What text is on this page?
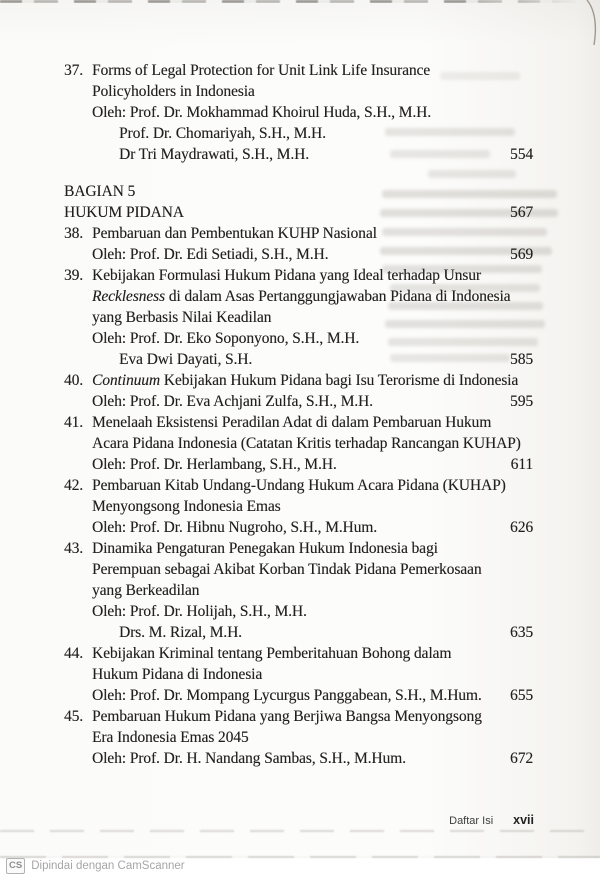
37. Forms of Legal Protection for Unit Link Life Insurance
Policyholders in Indonesia
Oleh: Prof. Dr. Mokhammad Khoirul Huda, S.H., M.H.
Prof. Dr. Chomariyah, S.H., M.H.
Dr Tri Maydrawati, S.H., M.H.	554
BAGIAN 5
HUKUM PIDANA	567
38. Pembaruan dan Pembentukan KUHP Nasional
Oleh: Prof. Dr. Edi Setiadi, S.H., M.H.	569
39. Kebijakan Formulasi Hukum Pidana yang Ideal terhadap Unsur
Recklesness di dalam Asas Pertanggungjawaban Pidana di Indonesia
yang Berbasis Nilai Keadilan
Oleh: Prof. Dr. Eko Soponyono, S.H., M.H.
Eva Dwi Dayati, S.H.	585
40. Continuum Kebijakan Hukum Pidana bagi Isu Terorisme di Indonesia
Oleh: Prof. Dr. Eva Achjani Zulfa, S.H., M.H.	595
41. Menelaah Eksistensi Peradilan Adat di dalam Pembaruan Hukum
Acara Pidana Indonesia (Catatan Kritis terhadap Rancangan KUHAP)
Oleh: Prof. Dr. Herlambang, S.H., M.H.	611
42. Pembaruan Kitab Undang-Undang Hukum Acara Pidana (KUHAP)
Menyongsong Indonesia Emas
Oleh: Prof. Dr. Hibnu Nugroho, S.H., M.Hum.	626
43. Dinamika Pengaturan Penegakan Hukum Indonesia bagi
Perempuan sebagai Akibat Korban Tindak Pidana Pemerkosaan
yang Berkeadilan
Oleh: Prof. Dr. Holijah, S.H., M.H.
Drs. M. Rizal, M.H.	635
44. Kebijakan Kriminal tentang Pemberitahuan Bohong dalam
Hukum Pidana di Indonesia
Oleh: Prof. Dr. Mompang Lycurgus Panggabean, S.H., M.Hum.	655
45. Pembaruan Hukum Pidana yang Berjiwa Bangsa Menyongsong
Era Indonesia Emas 2045
Oleh: Prof. Dr. H. Nandang Sambas, S.H., M.Hum.	672
Daftar Isi xvii
CS Dipindai dengan CamScanner
